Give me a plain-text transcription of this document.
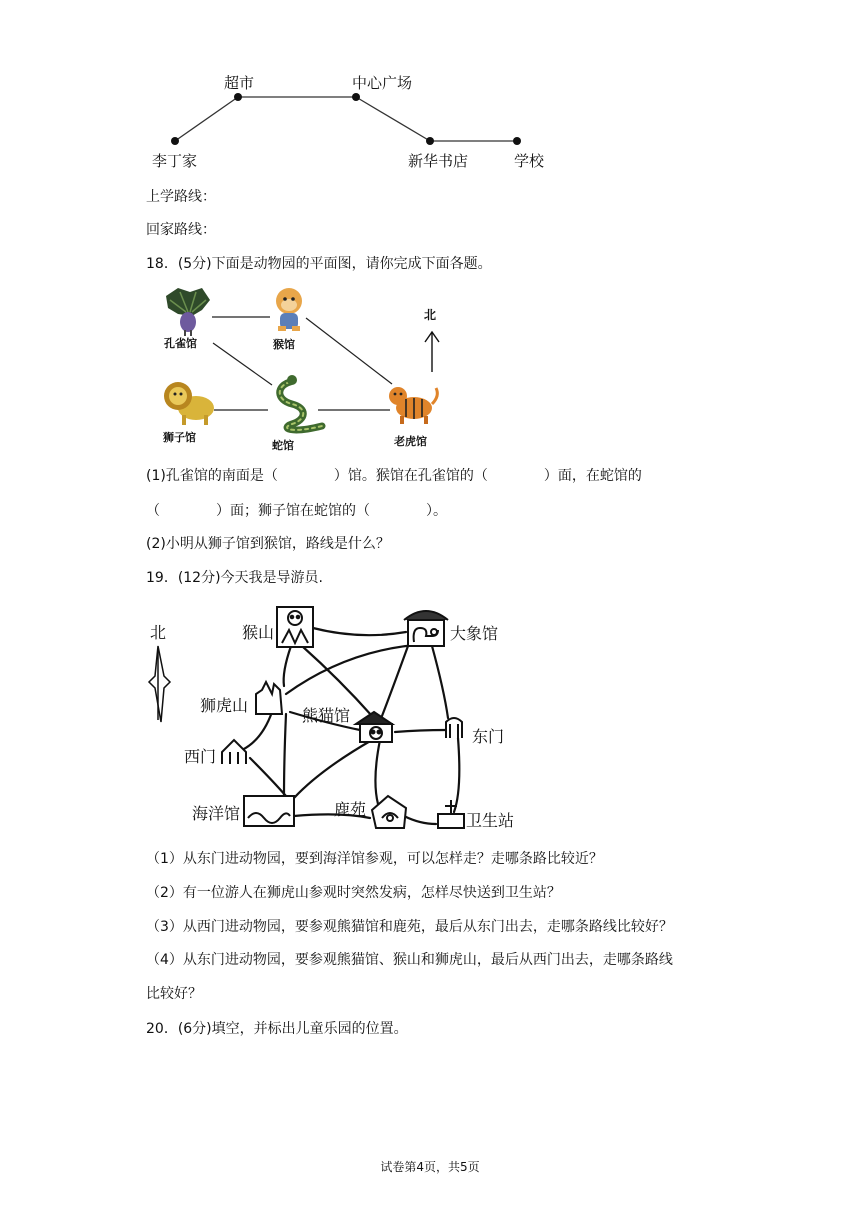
超市	中心广场
李丁家	新华书店	学校
上学路线：
回家路线：
18．(5分)下面是动物园的平面图，请你完成下面各题。
孔雀馆	猴馆
狮子馆
蛇馆	老虎馆
北
(1)孔雀馆的南面是（　　　　）馆。猴馆在孔雀馆的（　　　　）面，在蛇馆的
（　　　　）面；狮子馆在蛇馆的（　　　　）。
(2)小明从狮子馆到猴馆，路线是什么？
19．(12分)今天我是导游员.
北	猴山	大象馆
狮虎山
熊猫馆
东门
西门
海洋馆	鹿苑
卫生站
（1）从东门进动物园，要到海洋馆参观，可以怎样走？走哪条路比较近？
（2）有一位游人在狮虎山参观时突然发病，怎样尽快送到卫生站？
（3）从西门进动物园，要参观熊猫馆和鹿苑，最后从东门出去，走哪条路线比较好？
（4）从东门进动物园，要参观熊猫馆、猴山和狮虎山，最后从西门出去，走哪条路线
比较好？
20．(6分)填空，并标出儿童乐园的位置。
试卷第4页，共5页
